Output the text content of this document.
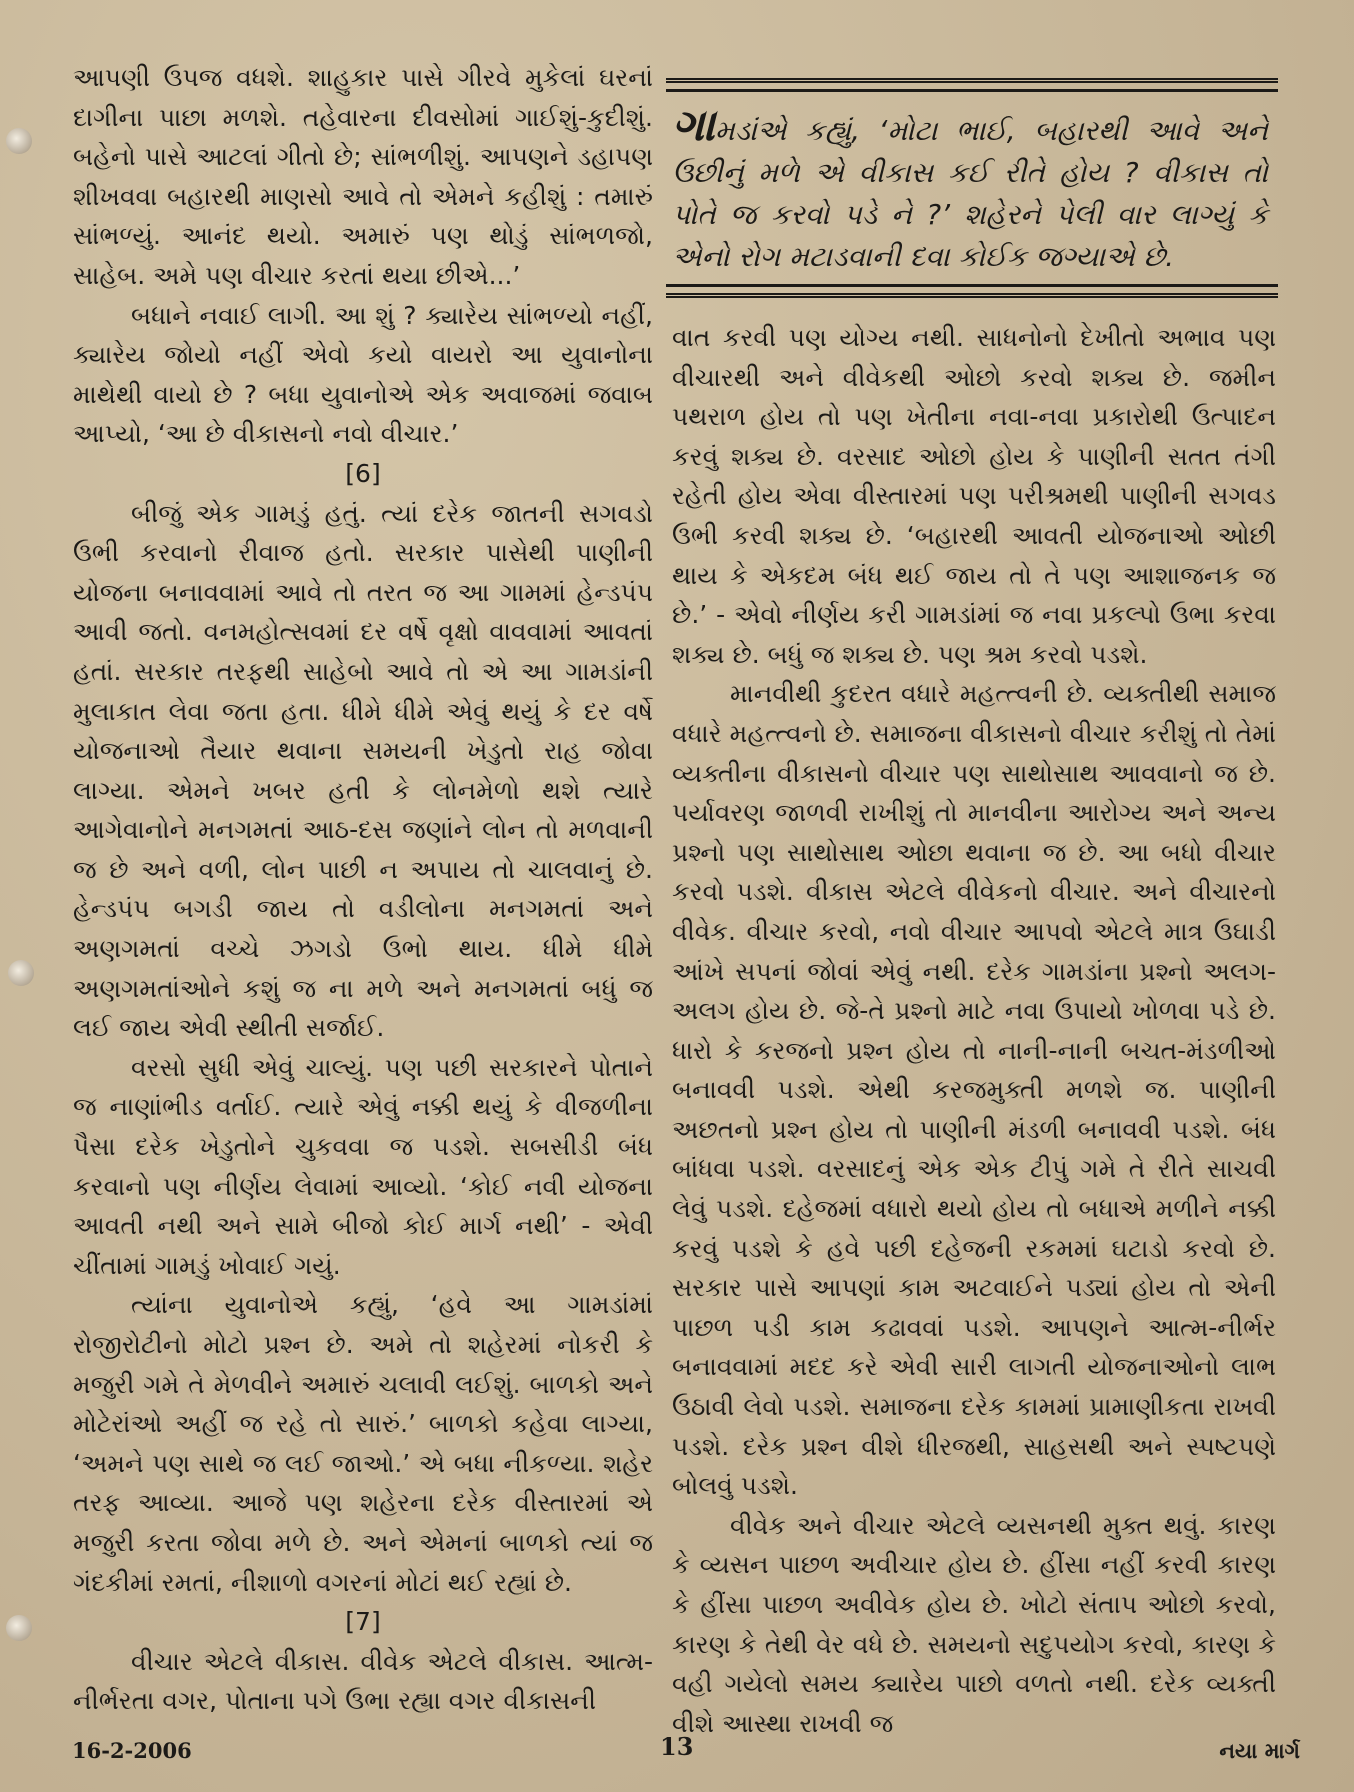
આપણી ઉપજ વધશે. શાહુકાર પાસે ગીરવે મુકેલાં ઘરનાં દાગીના પાછા મળશે. તહેવારના દીવસોમાં ગાઈશું-કુદીશું. બહેનો પાસે આટલાં ગીતો છે; સાંભળીશું. આપણને ડહાપણ શીખવવા બહારથી માણસો આવે તો એમને કહીશું : તમારું સાંભળ્યું. આનંદ થયો. અમારું પણ થોડું સાંભળજો, સાહેબ. અમે પણ વીચાર કરતાં થયા છીએ...’

બધાને નવાઈ લાગી. આ શું ? ક્યારેય સાંભળ્યો નહીં, ક્યારેય જોયો નહીં એવો કયો વાયરો આ યુવાનોના માથેથી વાયો છે ? બધા યુવાનોએ એક અવાજમાં જવાબ આપ્યો, ‘આ છે વીકાસનો નવો વીચાર.’

[6]

બીજું એક ગામડું હતું. ત્યાં દરેક જાતની સગવડો ઉભી કરવાનો રીવાજ હતો. સરકાર પાસેથી પાણીની યોજના બનાવવામાં આવે તો તરત જ આ ગામમાં હેન્ડપંપ આવી જતો. વનમહોત્સવમાં દર વર્ષે વૃક્ષો વાવવામાં આવતાં હતાં. સરકાર તરફથી સાહેબો આવે તો એ આ ગામડાંની મુલાકાત લેવા જતા હતા. ધીમે ધીમે એવું થયું કે દર વર્ષે યોજનાઓ તૈયાર થવાના સમયની ખેડુતો રાહ જોવા લાગ્યા. એમને ખબર હતી કે લોનમેળો થશે ત્યારે આગેવાનોને મનગમતાં આઠ-દસ જણાંને લોન તો મળવાની જ છે અને વળી, લોન પાછી ન અપાય તો ચાલવાનું છે. હેન્ડપંપ બગડી જાય તો વડીલોના મનગમતાં અને અણગમતાં વચ્ચે ઝગડો ઉભો થાય. ધીમે ધીમે અણગમતાંઓને કશું જ ના મળે અને મનગમતાં બધું જ લઈ જાય એવી સ્થીતી સર્જાઈ.

વરસો સુધી એવું ચાલ્યું. પણ પછી સરકારને પોતાને જ નાણાંભીડ વર્તાઈ. ત્યારે એવું નક્કી થયું કે વીજળીના પૈસા દરેક ખેડુતોને ચુકવવા જ પડશે. સબસીડી બંધ કરવાનો પણ નીર્ણય લેવામાં આવ્યો. ‘કોઈ નવી યોજના આવતી નથી અને સામે બીજો કોઈ માર્ગ નથી’ - એવી ચીંતામાં ગામડું ખોવાઈ ગયું.

ત્યાંના યુવાનોએ કહ્યું, ‘હવે આ ગામડાંમાં રોજીરોટીનો મોટો પ્રશ્ન છે. અમે તો શહેરમાં નોકરી કે મજુરી ગમે તે મેળવીને અમારું ચલાવી લઈશું. બાળકો અને મોટેરાંઓ અહીં જ રહે તો સારું.’ બાળકો કહેવા લાગ્યા, ‘અમને પણ સાથે જ લઈ જાઓ.’ એ બધા નીકળ્યા. શહેર તરફ આવ્યા. આજે પણ શહેરના દરેક વીસ્તારમાં એ મજુરી કરતા જોવા મળે છે. અને એમનાં બાળકો ત્યાં જ ગંદકીમાં રમતાં, નીશાળો વગરનાં મોટાં થઈ રહ્યાં છે.

[7]

વીચાર એટલે વીકાસ. વીવેક એટલે વીકાસ. આત્મ-નીર્ભરતા વગર, પોતાના પગે ઉભા રહ્યા વગર વીકાસની

ગામડાંએ કહ્યું, ‘મોટા ભાઈ, બહારથી આવે અને ઉછીનું મળે એ વીકાસ કઈ રીતે હોય ? વીકાસ તો પોતે જ કરવો પડે ને ?’ શહેરને પેલી વાર લાગ્યું કે એનો રોગ મટાડવાની દવા કોઈક જગ્યાએ છે.

વાત કરવી પણ યોગ્ય નથી. સાધનોનો દેખીતો અભાવ પણ વીચારથી અને વીવેકથી ઓછો કરવો શક્ય છે. જમીન પથરાળ હોય તો પણ ખેતીના નવા-નવા પ્રકારોથી ઉત્પાદન કરવું શક્ય છે. વરસાદ ઓછો હોય કે પાણીની સતત તંગી રહેતી હોય એવા વીસ્તારમાં પણ પરીશ્રમથી પાણીની સગવડ ઉભી કરવી શક્ય છે. ‘બહારથી આવતી યોજનાઓ ઓછી થાય કે એકદમ બંધ થઈ જાય તો તે પણ આશાજનક જ છે.’ - એવો નીર્ણય કરી ગામડાંમાં જ નવા પ્રકલ્પો ઉભા કરવા શક્ય છે. બધું જ શક્ય છે. પણ શ્રમ કરવો પડશે.

માનવીથી કુદરત વધારે મહત્ત્વની છે. વ્યક્તીથી સમાજ વધારે મહત્ત્વનો છે. સમાજના વીકાસનો વીચાર કરીશું તો તેમાં વ્યક્તીના વીકાસનો વીચાર પણ સાથોસાથ આવવાનો જ છે. પર્યાવરણ જાળવી રાખીશું તો માનવીના આરોગ્ય અને અન્ય પ્રશ્નો પણ સાથોસાથ ઓછા થવાના જ છે. આ બધો વીચાર કરવો પડશે. વીકાસ એટલે વીવેકનો વીચાર. અને વીચારનો વીવેક. વીચાર કરવો, નવો વીચાર આપવો એટલે માત્ર ઉઘાડી આંખે સપનાં જોવાં એવું નથી. દરેક ગામડાંના પ્રશ્નો અલગ-અલગ હોય છે. જે-તે પ્રશ્નો માટે નવા ઉપાયો ખોળવા પડે છે. ધારો કે કરજનો પ્રશ્ન હોય તો નાની-નાની બચત-મંડળીઓ બનાવવી પડશે. એથી કરજમુક્તી મળશે જ. પાણીની અછતનો પ્રશ્ન હોય તો પાણીની મંડળી બનાવવી પડશે. બંધ બાંધવા પડશે. વરસાદનું એક એક ટીપું ગમે તે રીતે સાચવી લેવું પડશે. દહેજમાં વધારો થયો હોય તો બધાએ મળીને નક્કી કરવું પડશે કે હવે પછી દહેજની રકમમાં ઘટાડો કરવો છે. સરકાર પાસે આપણાં કામ અટવાઈને પડ્યાં હોય તો એની પાછળ પડી કામ કઢાવવાં પડશે. આપણને આત્મ-નીર્ભર બનાવવામાં મદદ કરે એવી સારી લાગતી યોજનાઓનો લાભ ઉઠાવી લેવો પડશે. સમાજના દરેક કામમાં પ્રામાણીકતા રાખવી પડશે. દરેક પ્રશ્ન વીશે ધીરજથી, સાહસથી અને સ્પષ્ટપણે બોલવું પડશે.

વીવેક અને વીચાર એટલે વ્યસનથી મુક્ત થવું. કારણ કે વ્યસન પાછળ અવીચાર હોય છે. હીંસા નહીં કરવી કારણ કે હીંસા પાછળ અવીવેક હોય છે. ખોટો સંતાપ ઓછો કરવો, કારણ કે તેથી વેર વધે છે. સમયનો સદુપયોગ કરવો, કારણ કે વહી ગયેલો સમય ક્યારેય પાછો વળતો નથી. દરેક વ્યક્તી વીશે આસ્થા રાખવી જ

16-2-2006	13	નયા માર્ગ
